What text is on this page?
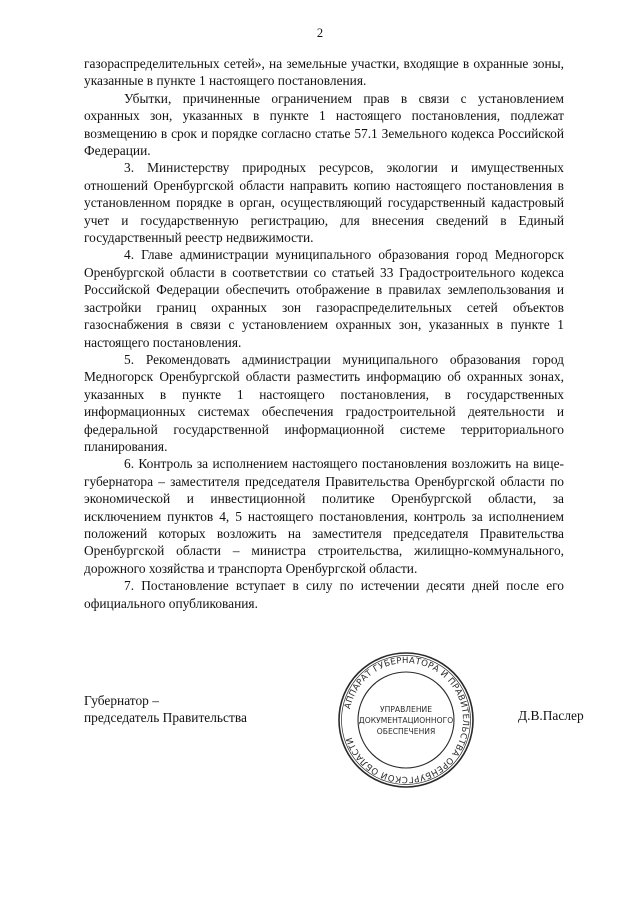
2

газораспределительных сетей», на земельные участки, входящие в охранные зоны, указанные в пункте 1 настоящего постановления.

Убытки, причиненные ограничением прав в связи с установлением охранных зон, указанных в пункте 1 настоящего постановления, подлежат возмещению в срок и порядке согласно статье 57.1 Земельного кодекса Российской Федерации.

3. Министерству природных ресурсов, экологии и имущественных отношений Оренбургской области направить копию настоящего постановления в установленном порядке в орган, осуществляющий государственный кадастровый учет и государственную регистрацию, для внесения сведений в Единый государственный реестр недвижимости.

4. Главе администрации муниципального образования город Медногорск Оренбургской области в соответствии со статьей 33 Градостроительного кодекса Российской Федерации обеспечить отображение в правилах землепользования и застройки границ охранных зон газораспределительных сетей объектов газоснабжения в связи с установлением охранных зон, указанных в пункте 1 настоящего постановления.

5. Рекомендовать администрации муниципального образования город Медногорск Оренбургской области разместить информацию об охранных зонах, указанных в пункте 1 настоящего постановления, в государственных информационных системах обеспечения градостроительной деятельности и федеральной государственной информационной системе территориального планирования.

6. Контроль за исполнением настоящего постановления возложить на вице-губернатора – заместителя председателя Правительства Оренбургской области по экономической и инвестиционной политике Оренбургской области, за исключением пунктов 4, 5 настоящего постановления, контроль за исполнением положений которых возложить на заместителя председателя Правительства Оренбургской области – министра строительства, жилищно-коммунального, дорожного хозяйства и транспорта Оренбургской области.

7. Постановление вступает в силу по истечении десяти дней после его официального опубликования.

Губернатор –
председатель Правительства	Д.В.Паслер
АППАРАТ ГУБЕРНАТОРА И ПРАВИТЕЛЬСТВА ОРЕНБУРГСКОЙ ОБЛАСТИ
УПРАВЛЕНИЕ
ДОКУМЕНТАЦИОННОГО
ОБЕСПЕЧЕНИЯ
